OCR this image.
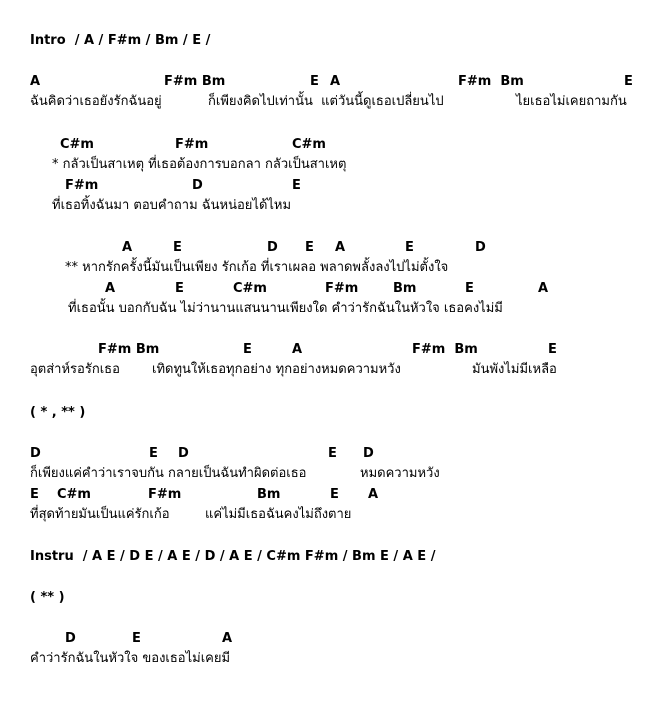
Intro  / A / F#m / Bm / E /
A	F#m Bm	E A	F#m  Bm	E
ฉันคิดว่าเธอยังรักฉันอยู่	ก็เพียงคิดไปเท่านั้น  แต่วันนี้ดูเธอเปลี่ยนไป	ไยเธอไม่เคยถามกัน
C#m	F#m	C#m
* กลัวเป็นสาเหตุ ที่เธอต้องการบอกลา กลัวเป็นสาเหตุ
F#m	D	E
ที่เธอทิ้งฉันมา ตอบคำถาม ฉันหน่อยได้ไหม
A	E	D E A	E	D
** หากรักครั้งนี้มันเป็นเพียง รักเก้อ ที่เราเผลอ พลาดพลั้งลงไปไม่ตั้งใจ
A	E	C#m	F#m	Bm	E	A
ที่เธอนั้น บอกกับฉัน ไม่ว่านานแสนนานเพียงใด คำว่ารักฉันในหัวใจ เธอคงไม่มี
F#m Bm	E	A	F#m  Bm	E
อุตส่าห์รอรักเธอ เทิดทูนให้เธอทุกอย่าง ทุกอย่างหมดความหวัง	มันพังไม่มีเหลือ
( * , ** )
D	E D	E D
ก็เพียงแค่คำว่าเราจบกัน กลายเป็นฉันทำผิดต่อเธอ	หมดความหวัง
C#m	F#m	Bm	E A
E
ที่สุดท้ายมันเป็นแค่รักเก้อ	แค่ไม่มีเธอฉันคงไม่ถึงตาย
Instru  / A E / D E / A E / D / A E / C#m F#m / Bm E / A E /
( ** )
D	E	A
คำว่ารักฉันในหัวใจ ของเธอไม่เคยมี
